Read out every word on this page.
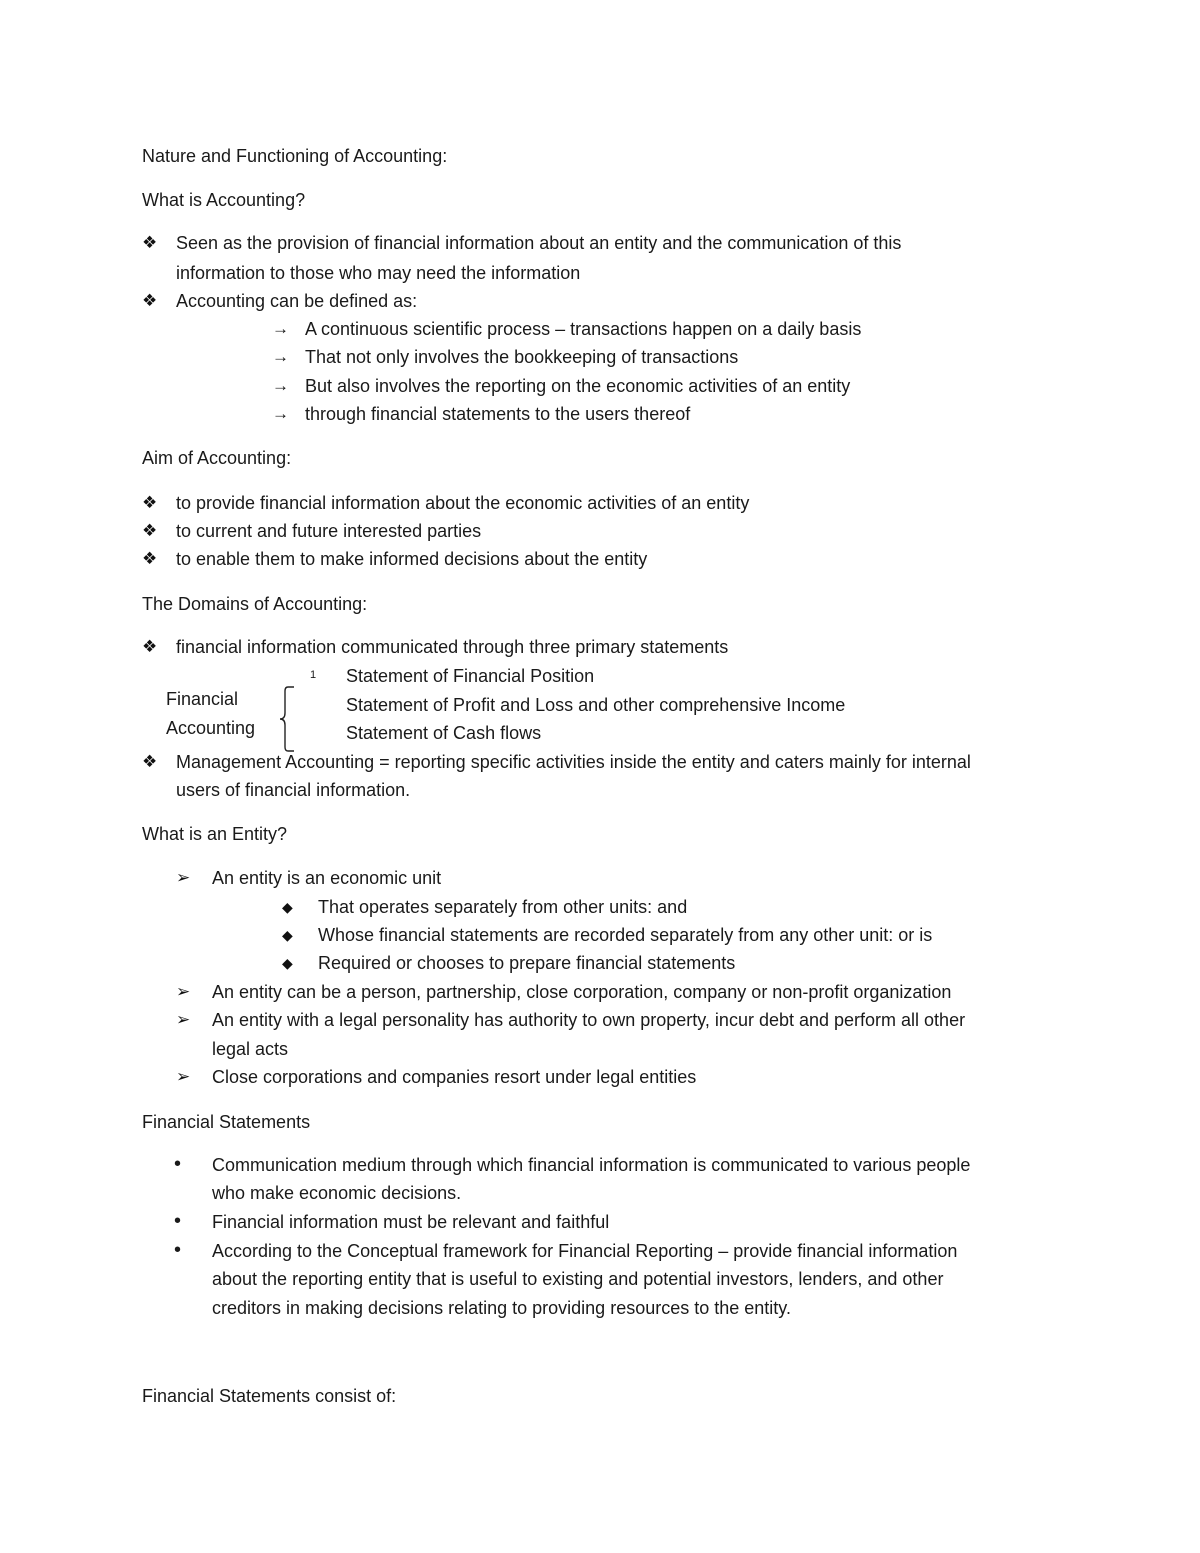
Nature and Functioning of Accounting:
What is Accounting?
❖ Seen as the provision of financial information about an entity and the communication of this
information to those who may need the information
❖ Accounting can be defined as:
→ A continuous scientific process – transactions happen on a daily basis
→ That not only involves the bookkeeping of transactions
→ But also involves the reporting on the economic activities of an entity
→ through financial statements to the users thereof
Aim of Accounting:
❖ to provide financial information about the economic activities of an entity
❖ to current and future interested parties
❖ to enable them to make informed decisions about the entity
The Domains of Accounting:
❖ financial information communicated through three primary statements
1 Statement of Financial Position
Financial	Statement of Profit and Loss and other comprehensive Income
Accounting	Statement of Cash flows
❖ Management Accounting = reporting specific activities inside the entity and caters mainly for internal
users of financial information.
What is an Entity?
➢ An entity is an economic unit
◆ That operates separately from other units: and
◆ Whose financial statements are recorded separately from any other unit: or is
◆ Required or chooses to prepare financial statements
➢ An entity can be a person, partnership, close corporation, company or non-profit organization
➢ An entity with a legal personality has authority to own property, incur debt and perform all other
legal acts
➢ Close corporations and companies resort under legal entities
Financial Statements
• Communication medium through which financial information is communicated to various people
who make economic decisions.
• Financial information must be relevant and faithful
• According to the Conceptual framework for Financial Reporting – provide financial information
about the reporting entity that is useful to existing and potential investors, lenders, and other
creditors in making decisions relating to providing resources to the entity.
Financial Statements consist of:
